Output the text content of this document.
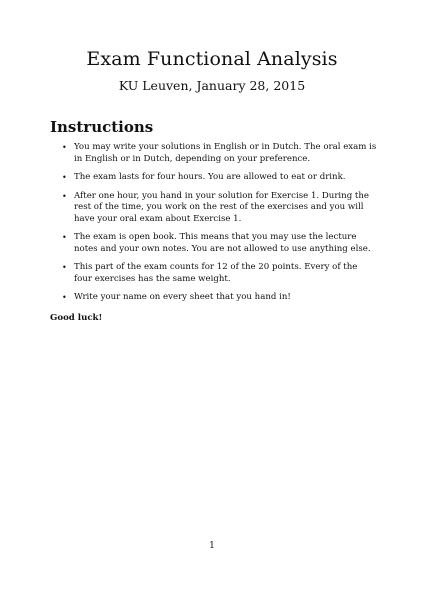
Exam Functional Analysis
KU Leuven, January 28, 2015
Instructions
• You may write your solutions in English or in Dutch. The oral exam is in English or in Dutch, depending on your preference.
• The exam lasts for four hours. You are allowed to eat or drink.
• After one hour, you hand in your solution for Exercise 1. During the rest of the time, you work on the rest of the exercises and you will have your oral exam about Exercise 1.
• The exam is open book. This means that you may use the lecture notes and your own notes. You are not allowed to use anything else.
• This part of the exam counts for 12 of the 20 points. Every of the four exercises has the same weight.
• Write your name on every sheet that you hand in!
Good luck!
1
